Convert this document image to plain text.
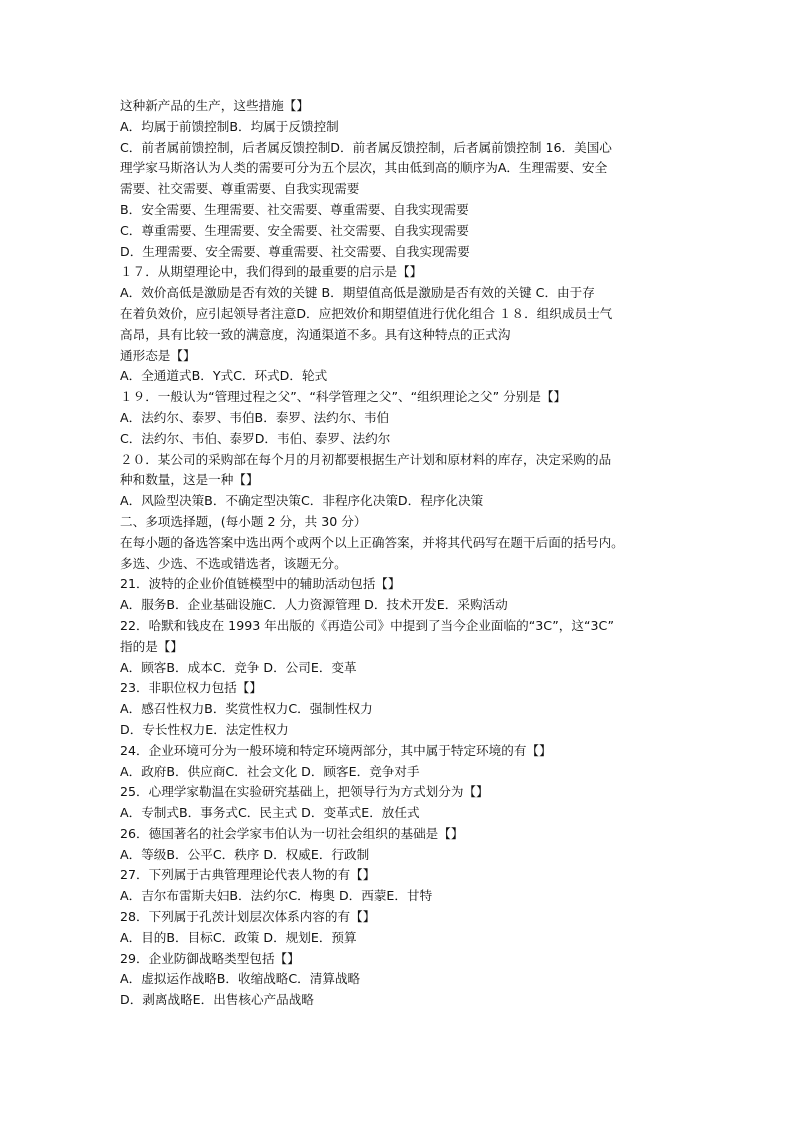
这种新产品的生产，这些措施【】
A．均属于前馈控制B．均属于反馈控制
C．前者属前馈控制，后者属反馈控制D．前者属反馈控制，后者属前馈控制 16．美国心
理学家马斯洛认为人类的需要可分为五个层次，其由低到高的顺序为A．生理需要、安全
需要、社交需要、尊重需要、自我实现需要
B．安全需要、生理需要、社交需要、尊重需要、自我实现需要
C．尊重需要、生理需要、安全需要、社交需要、自我实现需要
D．生理需要、安全需要、尊重需要、社交需要、自我实现需要
１７．从期望理论中，我们得到的最重要的启示是【】
A．效价高低是激励是否有效的关键 B．期望值高低是激励是否有效的关键 C．由于存
在着负效价，应引起领导者注意D．应把效价和期望值进行优化组合 １８．组织成员士气
高昂，具有比较一致的满意度，沟通渠道不多。具有这种特点的正式沟
通形态是【】
A．全通道式B．Y式C．环式D．轮式
１９．一般认为“管理过程之父”、“科学管理之父”、“组织理论之父” 分别是【】
A．法约尔、泰罗、韦伯B．泰罗、法约尔、韦伯
C．法约尔、韦伯、泰罗D．韦伯、泰罗、法约尔
２０．某公司的采购部在每个月的月初都要根据生产计划和原材料的库存，决定采购的品
种和数量，这是一种【】
A．风险型决策B．不确定型决策C．非程序化决策D．程序化决策
二、多项选择题，(每小题 2 分，共 30 分）
在每小题的备选答案中选出两个或两个以上正确答案，并将其代码写在题干后面的括号内。
多选、少选、不选或错选者，该题无分。
21．波特的企业价值链模型中的辅助活动包括【】
A．服务B．企业基础设施C．人力资源管理 D．技术开发E．采购活动
22．哈默和钱皮在 1993 年出版的《再造公司》中提到了当今企业面临的“3C”，这“3C”
指的是【】
A．顾客B．成本C．竞争 D．公司E．变革
23．非职位权力包括【】
A．感召性权力B．奖赏性权力C．强制性权力
D．专长性权力E．法定性权力
24．企业环境可分为一般环境和特定环境两部分，其中属于特定环境的有【】
A．政府B．供应商C．社会文化 D．顾客E．竞争对手
25．心理学家勒温在实验研究基础上，把领导行为方式划分为【】
A．专制式B．事务式C．民主式 D．变革式E．放任式
26．德国著名的社会学家韦伯认为一切社会组织的基础是【】
A．等级B．公平C．秩序 D．权威E．行政制
27．下列属于古典管理理论代表人物的有【】
A．吉尔布雷斯夫妇B．法约尔C．梅奥 D．西蒙E．甘特
28．下列属于孔茨计划层次体系内容的有【】
A．目的B．目标C．政策 D．规划E．预算
29．企业防御战略类型包括【】
A．虚拟运作战略B．收缩战略C．清算战略
D．剥离战略E．出售核心产品战略
